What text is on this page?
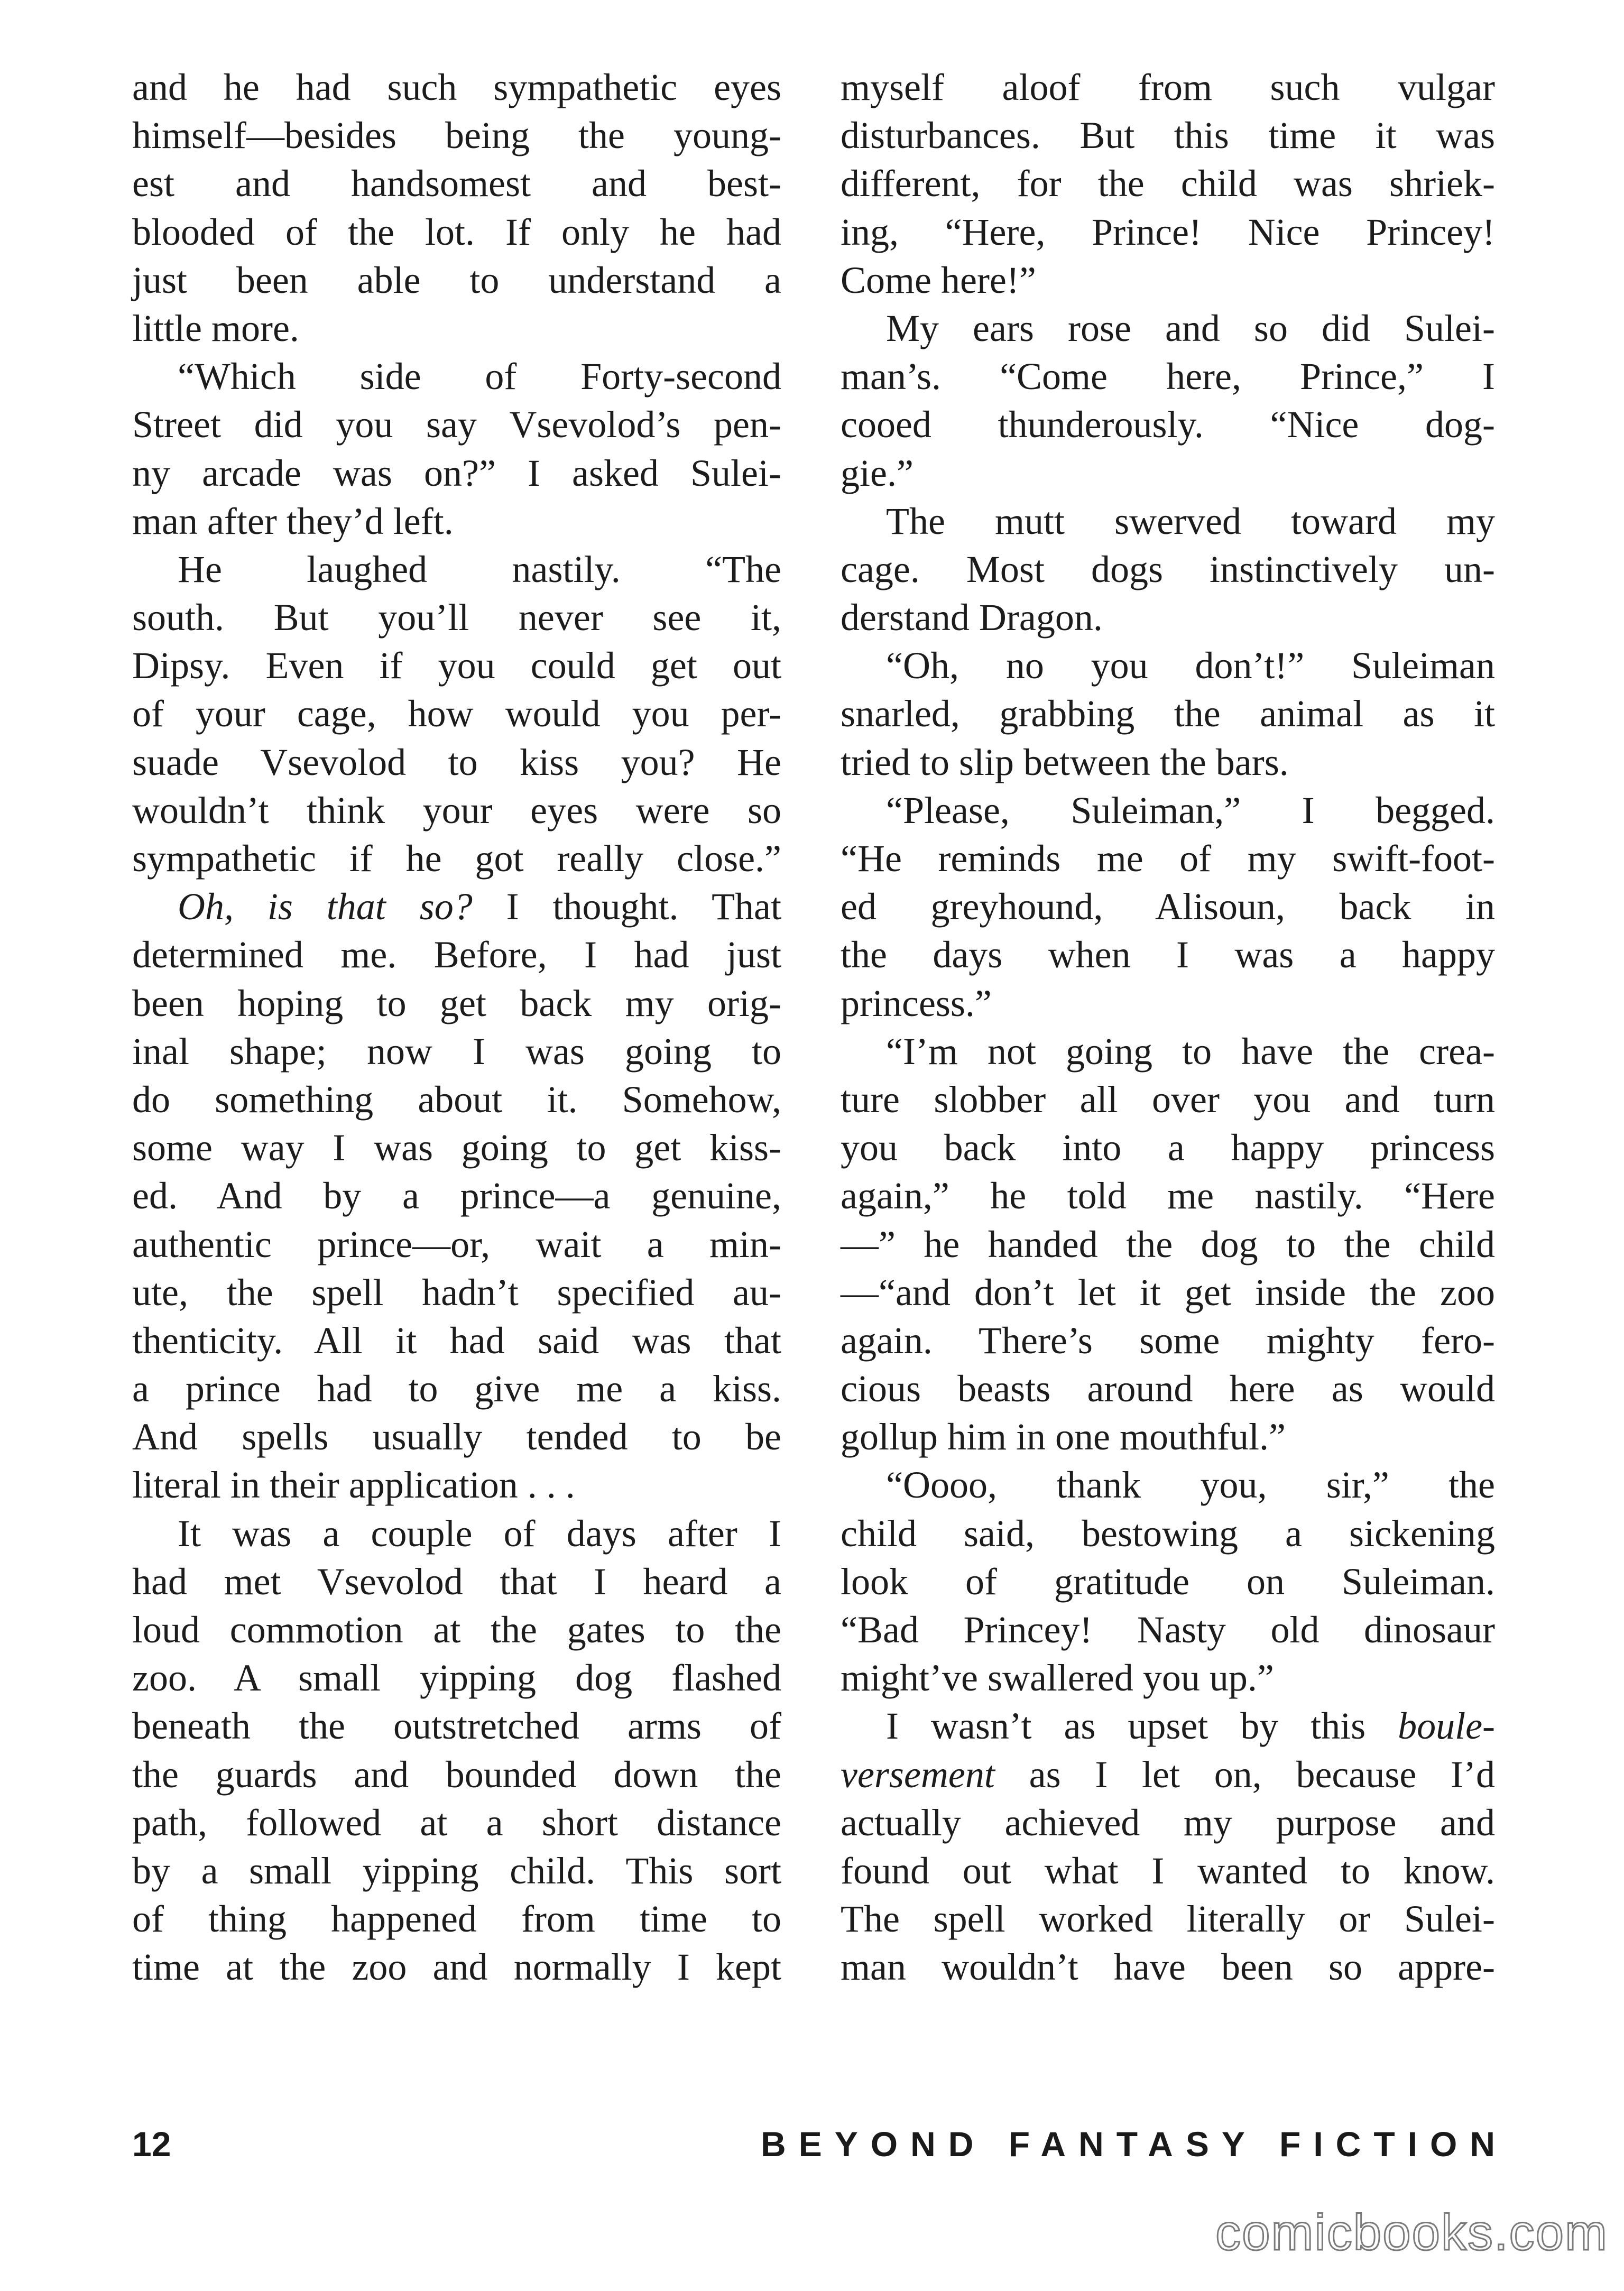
and he had such sympathetic eyes
himself—besides being the young-
est and handsomest and best-
blooded of the lot. If only he had
just been able to understand a
little more.
“Which side of Forty-second
Street did you say Vsevolod’s pen-
ny arcade was on?” I asked Sulei-
man after they’d left.
He laughed nastily. “The
south. But you’ll never see it,
Dipsy. Even if you could get out
of your cage, how would you per-
suade Vsevolod to kiss you? He
wouldn’t think your eyes were so
sympathetic if he got really close.”
Oh, is that so? I thought. That
determined me. Before, I had just
been hoping to get back my orig-
inal shape; now I was going to
do something about it. Somehow,
some way I was going to get kiss-
ed. And by a prince—a genuine,
authentic prince—or, wait a min-
ute, the spell hadn’t specified au-
thenticity. All it had said was that
a prince had to give me a kiss.
And spells usually tended to be
literal in their application . . .
It was a couple of days after I
had met Vsevolod that I heard a
loud commotion at the gates to the
zoo. A small yipping dog flashed
beneath the outstretched arms of
the guards and bounded down the
path, followed at a short distance
by a small yipping child. This sort
of thing happened from time to
time at the zoo and normally I kept
myself aloof from such vulgar
disturbances. But this time it was
different, for the child was shriek-
ing, “Here, Prince! Nice Princey!
Come here!”
My ears rose and so did Sulei-
man’s. “Come here, Prince,” I
cooed thunderously. “Nice dog-
gie.”
The mutt swerved toward my
cage. Most dogs instinctively un-
derstand Dragon.
“Oh, no you don’t!” Suleiman
snarled, grabbing the animal as it
tried to slip between the bars.
“Please, Suleiman,” I begged.
“He reminds me of my swift-foot-
ed greyhound, Alisoun, back in
the days when I was a happy
princess.”
“I’m not going to have the crea-
ture slobber all over you and turn
you back into a happy princess
again,” he told me nastily. “Here
—” he handed the dog to the child
—“and don’t let it get inside the zoo
again. There’s some mighty fero-
cious beasts around here as would
gollup him in one mouthful.”
“Oooo, thank you, sir,” the
child said, bestowing a sickening
look of gratitude on Suleiman.
“Bad Princey! Nasty old dinosaur
might’ve swallered you up.”
I wasn’t as upset by this boule-
versement as I let on, because I’d
actually achieved my purpose and
found out what I wanted to know.
The spell worked literally or Sulei-
man wouldn’t have been so appre-
12	BEYOND FANTASY FICTION
comicbooks.com
